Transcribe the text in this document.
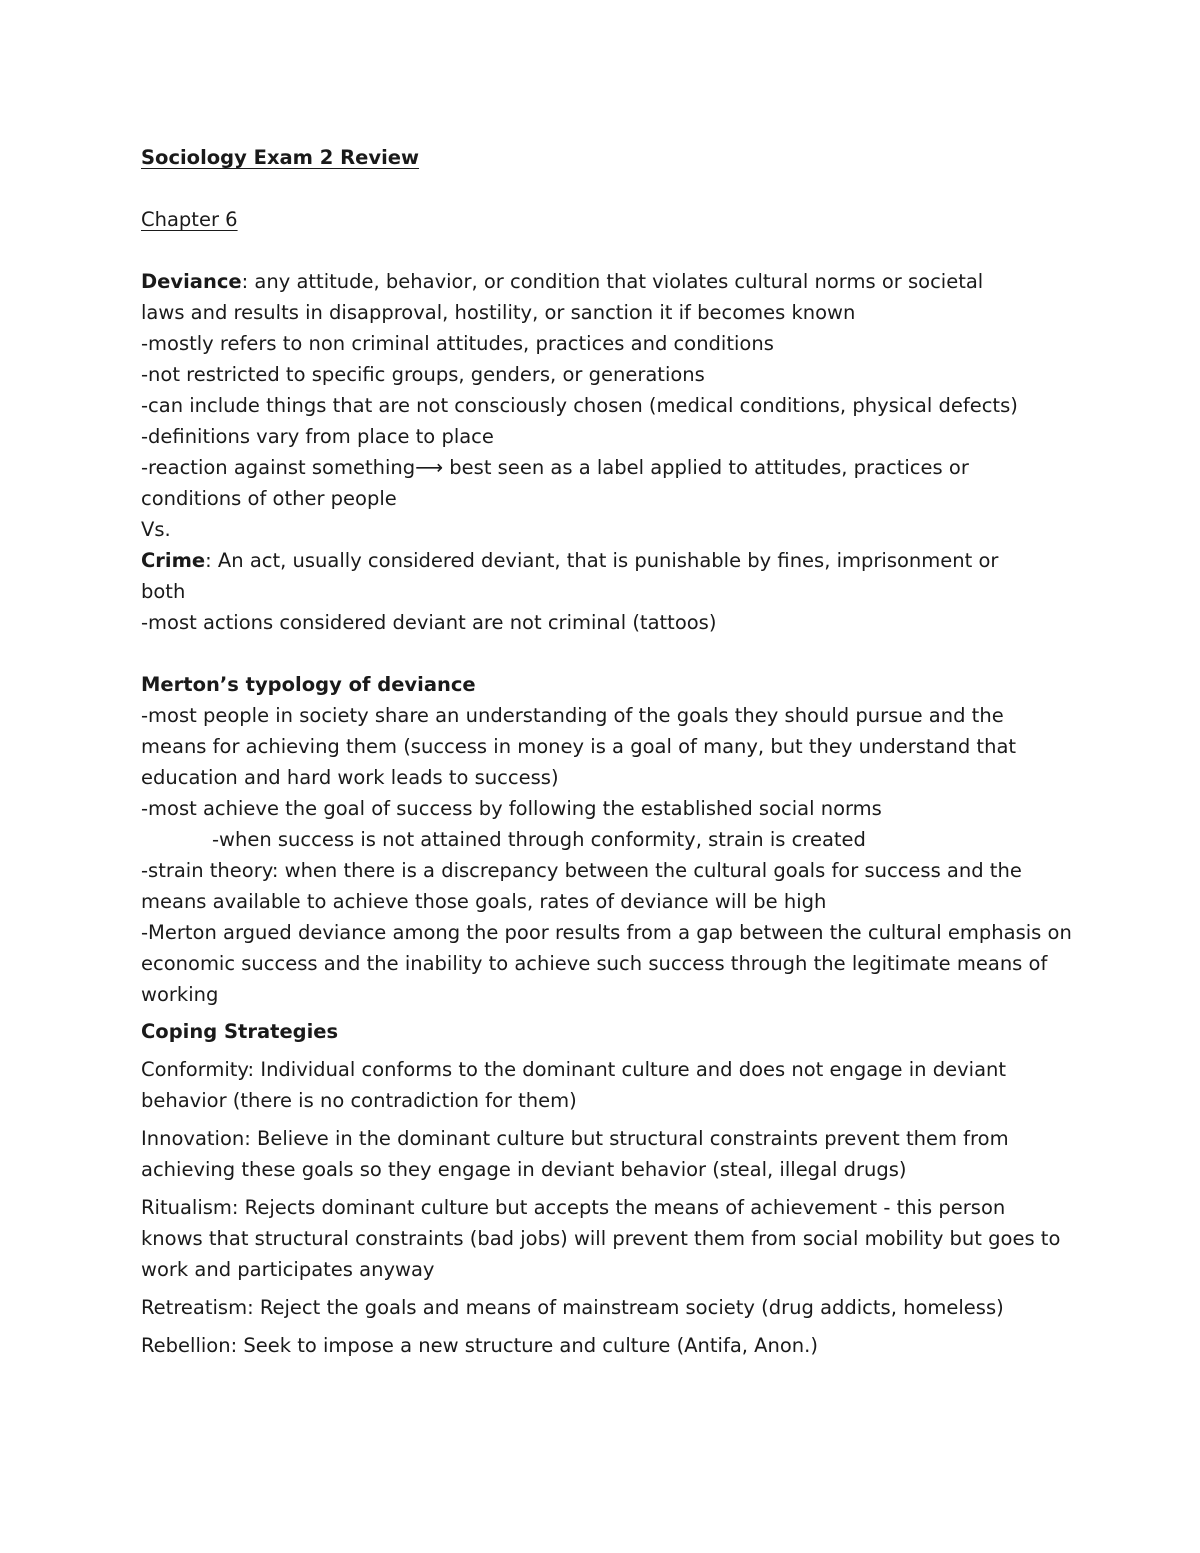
Sociology Exam 2 Review
Chapter 6
Deviance: any attitude, behavior, or condition that violates cultural norms or societal
laws and results in disapproval, hostility, or sanction it if becomes known
-mostly refers to non criminal attitudes, practices and conditions
-not restricted to specific groups, genders, or generations
-can include things that are not consciously chosen (medical conditions, physical defects)
-definitions vary from place to place
-reaction against something⟶ best seen as a label applied to attitudes, practices or
conditions of other people
Vs.
Crime: An act, usually considered deviant, that is punishable by fines, imprisonment or
both
-most actions considered deviant are not criminal (tattoos)
Merton’s typology of deviance
-most people in society share an understanding of the goals they should pursue and the
means for achieving them (success in money is a goal of many, but they understand that
education and hard work leads to success)
-most achieve the goal of success by following the established social norms
-when success is not attained through conformity, strain is created
-strain theory: when there is a discrepancy between the cultural goals for success and the
means available to achieve those goals, rates of deviance will be high
-Merton argued deviance among the poor results from a gap between the cultural emphasis on
economic success and the inability to achieve such success through the legitimate means of
working
Coping Strategies
Conformity: Individual conforms to the dominant culture and does not engage in deviant
behavior (there is no contradiction for them)
Innovation: Believe in the dominant culture but structural constraints prevent them from
achieving these goals so they engage in deviant behavior (steal, illegal drugs)
Ritualism: Rejects dominant culture but accepts the means of achievement - this person
knows that structural constraints (bad jobs) will prevent them from social mobility but goes to
work and participates anyway
Retreatism: Reject the goals and means of mainstream society (drug addicts, homeless)
Rebellion: Seek to impose a new structure and culture (Antifa, Anon.)
